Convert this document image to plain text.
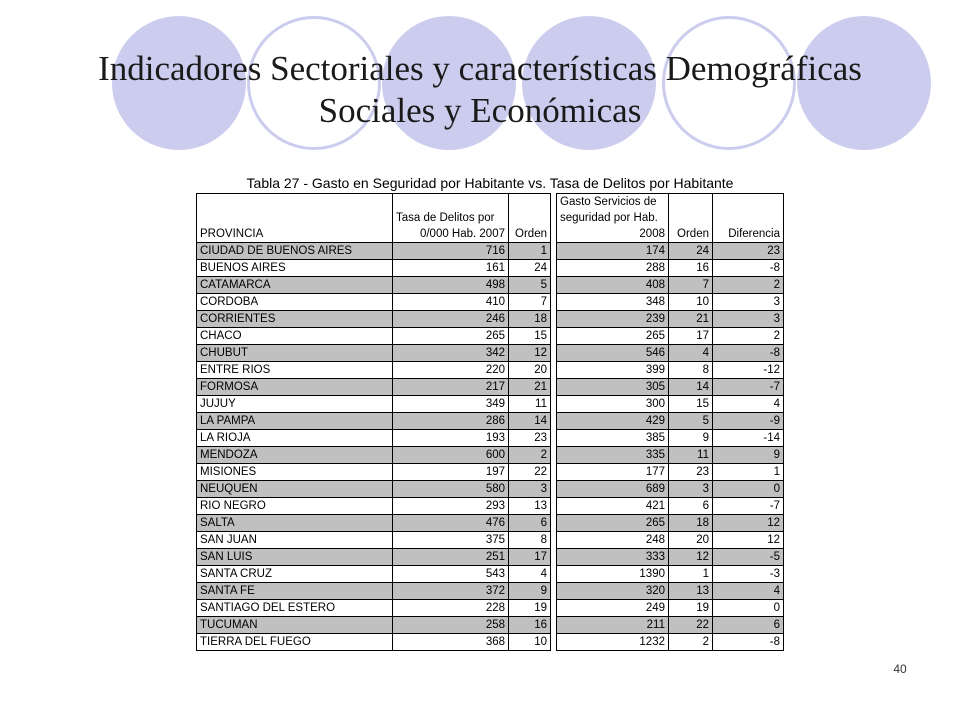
Indicadores Sectoriales y características Demográficas
Sociales y Económicas
Tabla 27 - Gasto en Seguridad por Habitante vs. Tasa de Delitos por Habitante
				Gasto Servicios de		
	Tasa de Delitos por			seguridad por Hab.		
PROVINCIA	0/000 Hab. 2007	Orden		2008	Orden	Diferencia
CIUDAD DE BUENOS AIRES	716	1		174	24	23
BUENOS AIRES	161	24		288	16	-8
CATAMARCA	498	5		408	7	2
CORDOBA	410	7		348	10	3
CORRIENTES	246	18		239	21	3
CHACO	265	15		265	17	2
CHUBUT	342	12		546	4	-8
ENTRE RIOS	220	20		399	8	-12
FORMOSA	217	21		305	14	-7
JUJUY	349	11		300	15	4
LA PAMPA	286	14		429	5	-9
LA RIOJA	193	23		385	9	-14
MENDOZA	600	2		335	11	9
MISIONES	197	22		177	23	1
NEUQUEN	580	3		689	3	0
RIO NEGRO	293	13		421	6	-7
SALTA	476	6		265	18	12
SAN JUAN	375	8		248	20	12
SAN LUIS	251	17		333	12	-5
SANTA CRUZ	543	4		1390	1	-3
SANTA FE	372	9		320	13	4
SANTIAGO DEL ESTERO	228	19		249	19	0
TUCUMAN	258	16		211	22	6
TIERRA DEL FUEGO	368	10		1232	2	-8
40
